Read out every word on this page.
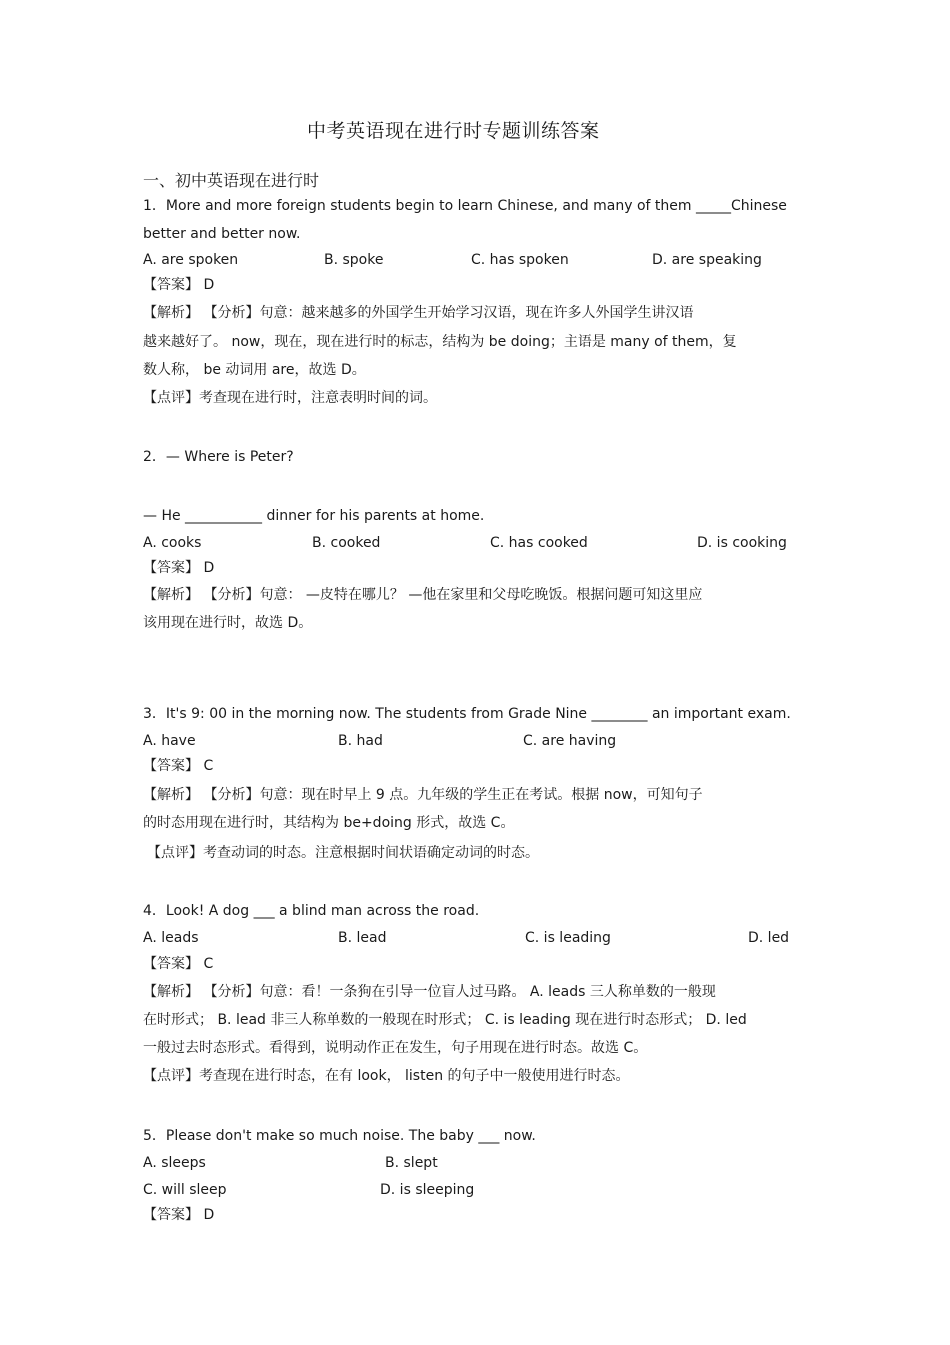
中考英语现在进行时专题训练答案
一、初中英语现在进行时
1．More and more foreign students begin to learn Chinese, and many of them _____Chinese
better and better now.
A. are spoken	B. spoke	C. has spoken	D. are speaking
【答案】 D
【解析】 【分析】句意：越来越多的外国学生开始学习汉语，现在许多人外国学生讲汉语
越来越好了。 now，现在，现在进行时的标志，结构为 be doing；主语是 many of them，复
数人称， be 动词用 are，故选 D。
【点评】考查现在进行时，注意表明时间的词。
2．— Where is Peter?
— He ___________ dinner for his parents at home.
A. cooks	B. cooked	C. has cooked	D. is cooking
【答案】 D
【解析】 【分析】句意： —皮特在哪儿？ —他在家里和父母吃晚饭。根据问题可知这里应
该用现在进行时，故选 D。
3．It's 9: 00 in the morning now. The students from Grade Nine ________ an important exam.
A. have	B. had	C. are having
【答案】 C
【解析】 【分析】句意：现在时早上 9 点。九年级的学生正在考试。根据 now，可知句子
的时态用现在进行时，其结构为 be+doing 形式，故选 C。
【点评】考查动词的时态。注意根据时间状语确定动词的时态。
4．Look! A dog ___ a blind man across the road.
A. leads	B. lead	C. is leading	D. led
【答案】 C
【解析】 【分析】句意：看！一条狗在引导一位盲人过马路。 A. leads 三人称单数的一般现
在时形式； B. lead 非三人称单数的一般现在时形式； C. is leading 现在进行时态形式； D. led
一般过去时态形式。看得到，说明动作正在发生，句子用现在进行时态。故选 C。
【点评】考查现在进行时态，在有 look， listen 的句子中一般使用进行时态。
5．Please don't make so much noise. The baby ___ now.
A. sleeps	B. slept
C. will sleep	D. is sleeping
【答案】 D
